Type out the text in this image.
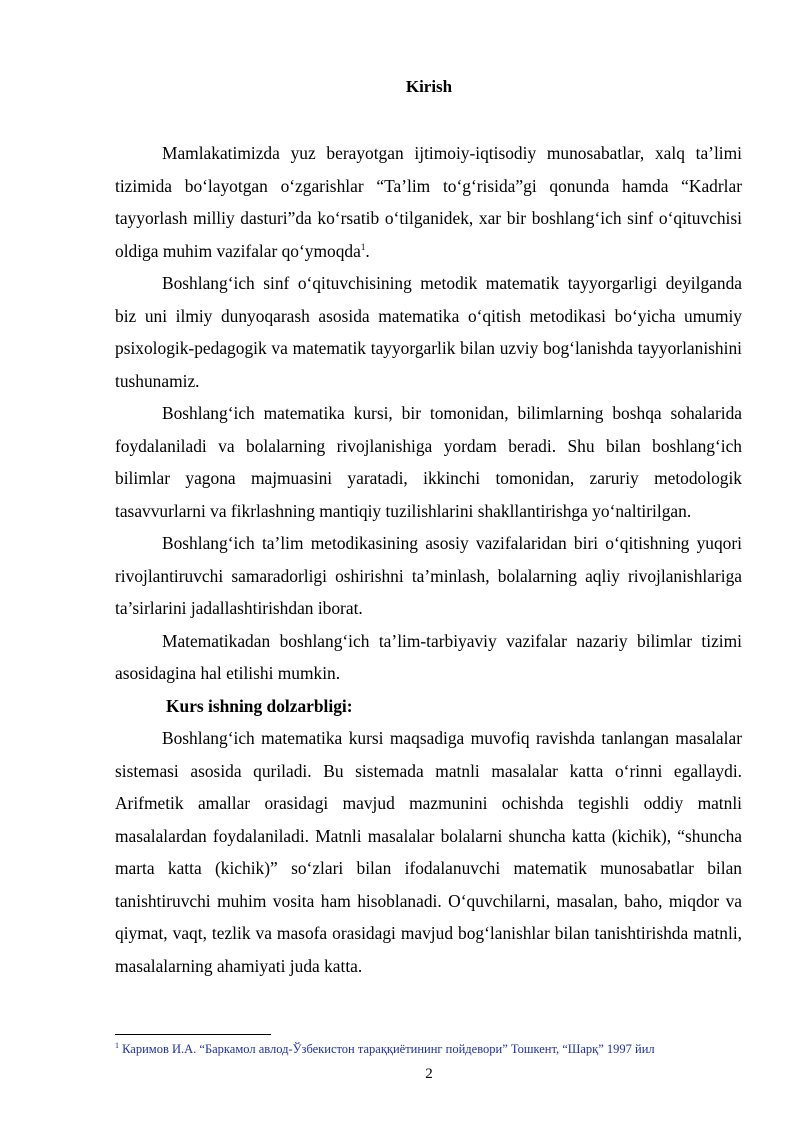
Kirish

Mamlakatimizda yuz berayotgan ijtimoiy-iqtisodiy munosabatlar, xalq ta’limi tizimida bo‘layotgan o‘zgarishlar “Ta’lim to‘g‘risida”gi qonunda hamda “Kadrlar tayyorlash milliy dasturi”da ko‘rsatib o‘tilganidek, xar bir boshlang‘ich sinf o‘qituvchisi oldiga muhim vazifalar qo‘ymoqda$^1$.

Boshlang‘ich sinf o‘qituvchisining metodik matematik tayyorgarligi deyilganda biz uni ilmiy dunyoqarash asosida matematika o‘qitish metodikasi bo‘yicha umumiy psixologik-pedagogik va matematik tayyorgarlik bilan uzviy bog‘lanishda tayyorlanishini tushunamiz.

Boshlang‘ich matematika kursi, bir tomonidan, bilimlarning boshqa sohalarida foydalaniladi va bolalarning rivojlanishiga yordam beradi. Shu bilan boshlang‘ich bilimlar yagona majmuasini yaratadi, ikkinchi tomonidan, zaruriy metodologik tasavvurlarni va fikrlashning mantiqiy tuzilishlarini shakllantirishga yo‘naltirilgan.

Boshlang‘ich ta’lim metodikasining asosiy vazifalaridan biri o‘qitishning yuqori rivojlantiruvchi samaradorligi oshirishni ta’minlash, bolalarning aqliy rivojlanishlariga ta’sirlarini jadallashtirishdan iborat.

Matematikadan boshlang‘ich ta’lim-tarbiyaviy vazifalar nazariy bilimlar tizimi asosidagina hal etilishi mumkin.

Kurs ishning dolzarbligi:

Boshlang‘ich matematika kursi maqsadiga muvofiq ravishda tanlangan masalalar sistemasi asosida quriladi. Bu sistemada matnli masalalar katta o‘rinni egallaydi. Arifmetik amallar orasidagi mavjud mazmunini ochishda tegishli oddiy matnli masalalardan foydalaniladi. Matnli masalalar bolalarni shuncha katta (kichik), “shuncha marta katta (kichik)” so‘zlari bilan ifodalanuvchi matematik munosabatlar bilan tanishtiruvchi muhim vosita ham hisoblanadi. O‘quvchilarni, masalan, baho, miqdor va qiymat, vaqt, tezlik va masofa orasidagi mavjud bog‘lanishlar bilan tanishtirishda matnli, masalalarning ahamiyati juda katta.

$^1$ Каримов И.А. “Баркамол авлод-Ўзбекистон тараққиётининг пойдевори” Тошкент, “Шарқ” 1997 йил
2
